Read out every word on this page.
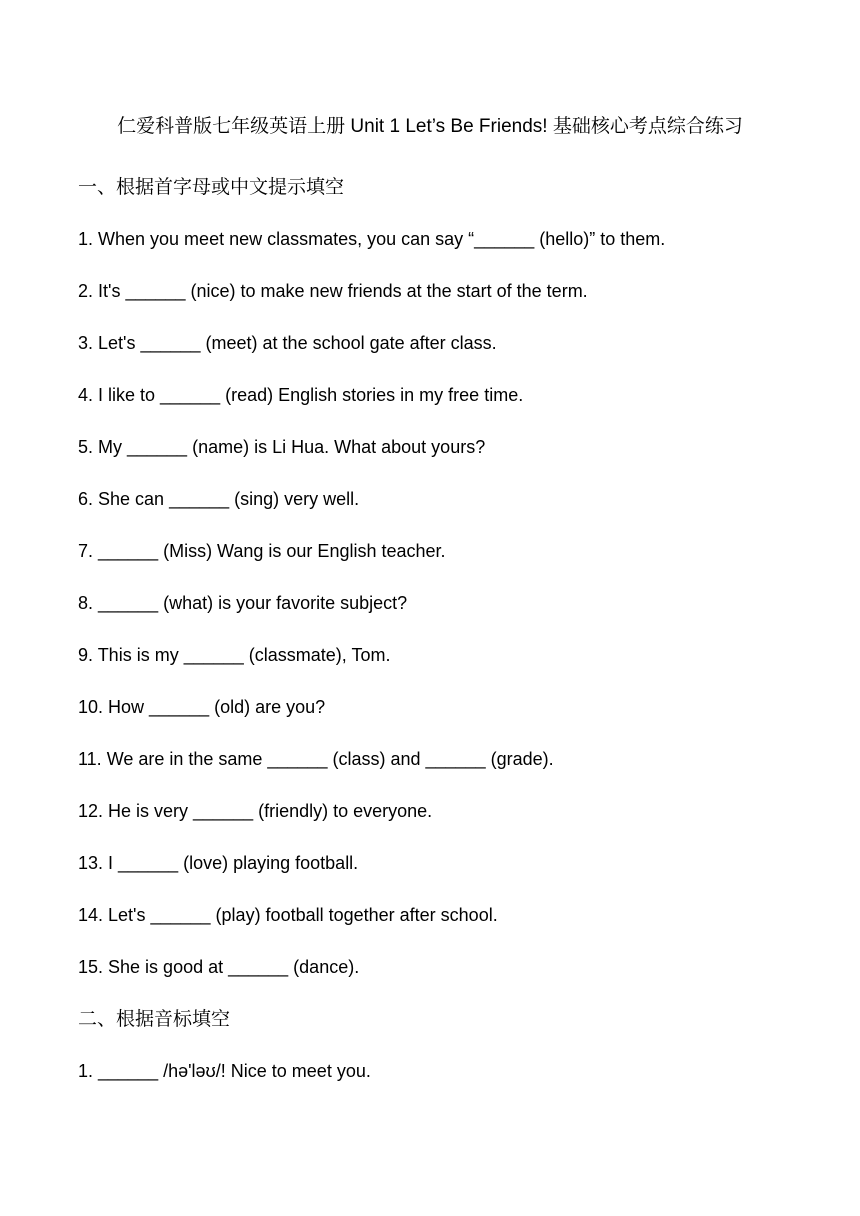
仁爱科普版七年级英语上册 Unit 1 Let’s Be Friends! 基础核心考点综合练习
一、根据首字母或中文提示填空
1. When you meet new classmates, you can say “______ (hello)” to them.
2. It's ______ (nice) to make new friends at the start of the term.
3. Let's ______ (meet) at the school gate after class.
4. I like to ______ (read) English stories in my free time.
5. My ______ (name) is Li Hua. What about yours?
6. She can ______ (sing) very well.
7. ______ (Miss) Wang is our English teacher.
8. ______ (what) is your favorite subject?
9. This is my ______ (classmate), Tom.
10. How ______ (old) are you?
11. We are in the same ______ (class) and ______ (grade).
12. He is very ______ (friendly) to everyone.
13. I ______ (love) playing football.
14. Let's ______ (play) football together after school.
15. She is good at ______ (dance).
二、根据音标填空
1. ______ /hə'ləʊ/! Nice to meet you.
